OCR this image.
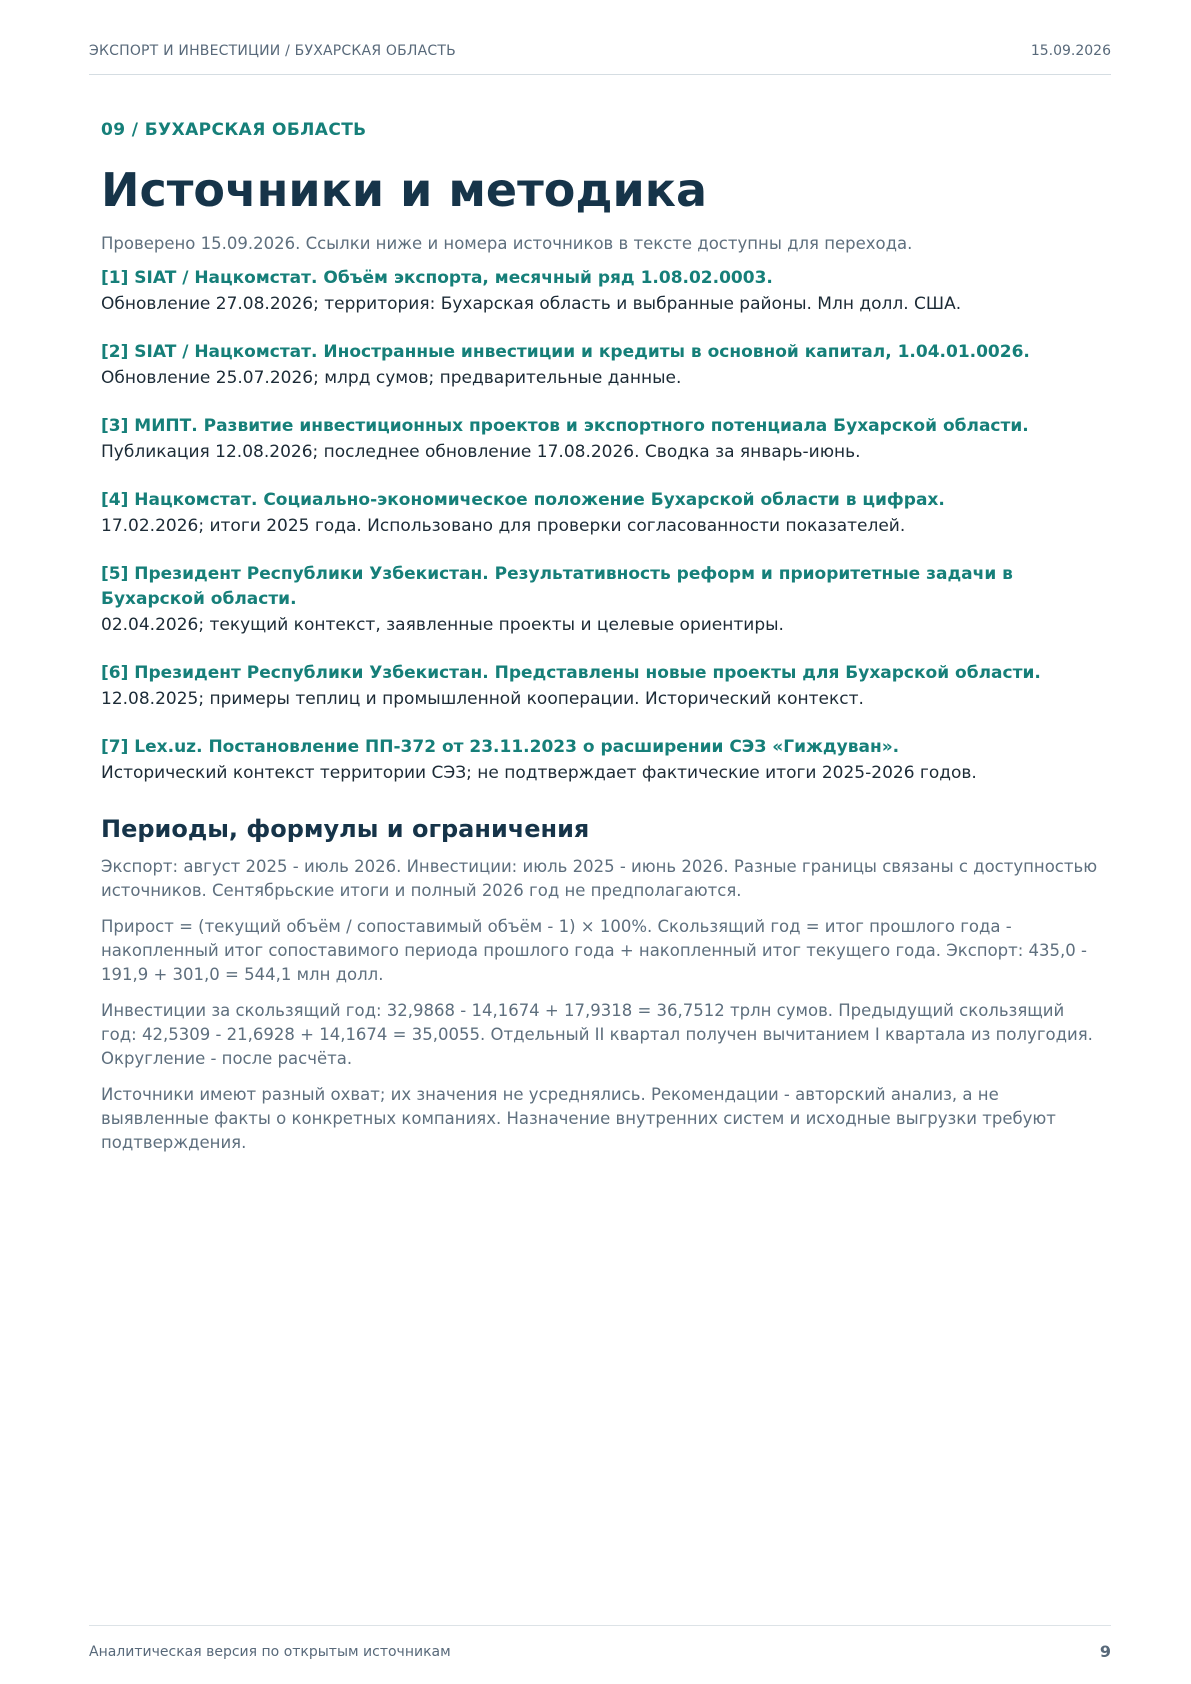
ЭКСПОРТ И ИНВЕСТИЦИИ / БУХАРСКАЯ ОБЛАСТЬ	15.09.2026
09 / БУХАРСКАЯ ОБЛАСТЬ
Источники и методика
Проверено 15.09.2026. Ссылки ниже и номера источников в тексте доступны для перехода.
[1] SIAT / Нацкомстат. Объём экспорта, месячный ряд 1.08.02.0003.
Обновление 27.08.2026; территория: Бухарская область и выбранные районы. Млн долл. США.
[2] SIAT / Нацкомстат. Иностранные инвестиции и кредиты в основной капитал, 1.04.01.0026.
Обновление 25.07.2026; млрд сумов; предварительные данные.
[3] МИПТ. Развитие инвестиционных проектов и экспортного потенциала Бухарской области.
Публикация 12.08.2026; последнее обновление 17.08.2026. Сводка за январь-июнь.
[4] Нацкомстат. Социально-экономическое положение Бухарской области в цифрах.
17.02.2026; итоги 2025 года. Использовано для проверки согласованности показателей.
[5] Президент Республики Узбекистан. Результативность реформ и приоритетные задачи в Бухарской области.
02.04.2026; текущий контекст, заявленные проекты и целевые ориентиры.
[6] Президент Республики Узбекистан. Представлены новые проекты для Бухарской области.
12.08.2025; примеры теплиц и промышленной кооперации. Исторический контекст.
[7] Lex.uz. Постановление ПП-372 от 23.11.2023 о расширении СЭЗ «Гиждуван».
Исторический контекст территории СЭЗ; не подтверждает фактические итоги 2025-2026 годов.
Периоды, формулы и ограничения
Экспорт: август 2025 - июль 2026. Инвестиции: июль 2025 - июнь 2026. Разные границы связаны с доступностью источников. Сентябрьские итоги и полный 2026 год не предполагаются.
Прирост = (текущий объём / сопоставимый объём - 1) × 100%. Скользящий год = итог прошлого года - накопленный итог сопоставимого периода прошлого года + накопленный итог текущего года. Экспорт: 435,0 - 191,9 + 301,0 = 544,1 млн долл.
Инвестиции за скользящий год: 32,9868 - 14,1674 + 17,9318 = 36,7512 трлн сумов. Предыдущий скользящий год: 42,5309 - 21,6928 + 14,1674 = 35,0055. Отдельный II квартал получен вычитанием I квартала из полугодия. Округление - после расчёта.
Источники имеют разный охват; их значения не усреднялись. Рекомендации - авторский анализ, а не выявленные факты о конкретных компаниях. Назначение внутренних систем и исходные выгрузки требуют подтверждения.
Аналитическая версия по открытым источникам	9
